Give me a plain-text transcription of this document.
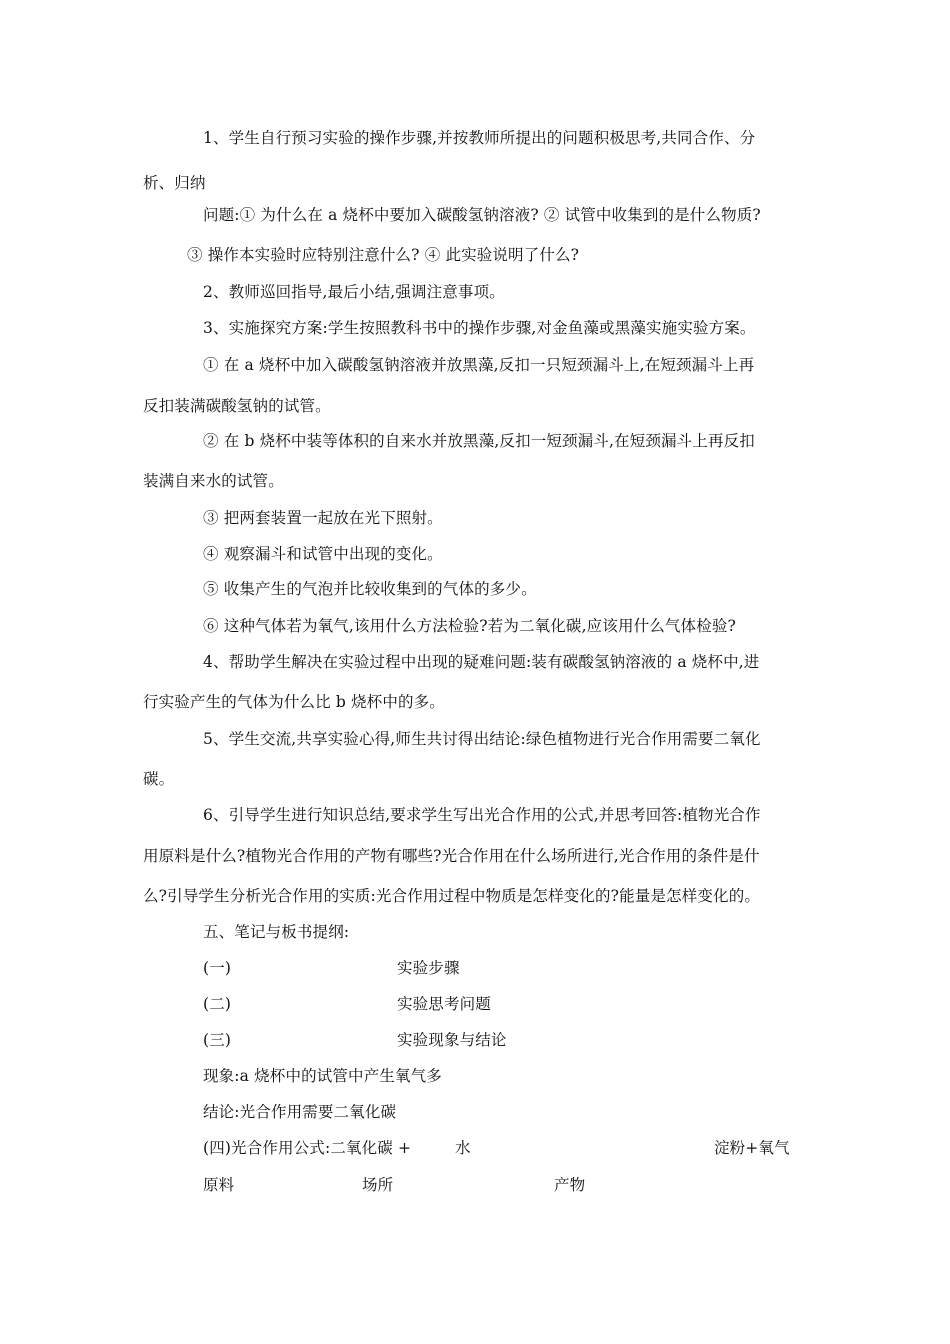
1、学生自行预习实验的操作步骤,并按教师所提出的问题积极思考,共同合作、分
析、归纳
问题:① 为什么在 a 烧杯中要加入碳酸氢钠溶液? ② 试管中收集到的是什么物质?
③ 操作本实验时应特别注意什么? ④ 此实验说明了什么?
2、教师巡回指导,最后小结,强调注意事项。
3、实施探究方案:学生按照教科书中的操作步骤,对金鱼藻或黑藻实施实验方案。
① 在 a 烧杯中加入碳酸氢钠溶液并放黑藻,反扣一只短颈漏斗上,在短颈漏斗上再
反扣装满碳酸氢钠的试管。
② 在 b 烧杯中装等体积的自来水并放黑藻,反扣一短颈漏斗,在短颈漏斗上再反扣
装满自来水的试管。
③ 把两套装置一起放在光下照射。
④ 观察漏斗和试管中出现的变化。
⑤ 收集产生的气泡并比较收集到的气体的多少。
⑥ 这种气体若为氧气,该用什么方法检验?若为二氧化碳,应该用什么气体检验?
4、帮助学生解决在实验过程中出现的疑难问题:装有碳酸氢钠溶液的 a 烧杯中,进
行实验产生的气体为什么比 b 烧杯中的多。
5、学生交流,共享实验心得,师生共讨得出结论:绿色植物进行光合作用需要二氧化
碳。
6、引导学生进行知识总结,要求学生写出光合作用的公式,并思考回答:植物光合作
用原料是什么?植物光合作用的产物有哪些?光合作用在什么场所进行,光合作用的条件是什
么?引导学生分析光合作用的实质:光合作用过程中物质是怎样变化的?能量是怎样变化的。
五、笔记与板书提纲:
(一)	实验步骤
(二)	实验思考问题
(三)	实验现象与结论
现象:a 烧杯中的试管中产生氧气多
结论:光合作用需要二氧化碳
(四)光合作用公式:二氧化碳 +	水	淀粉+氧气
原料	场所	产物
